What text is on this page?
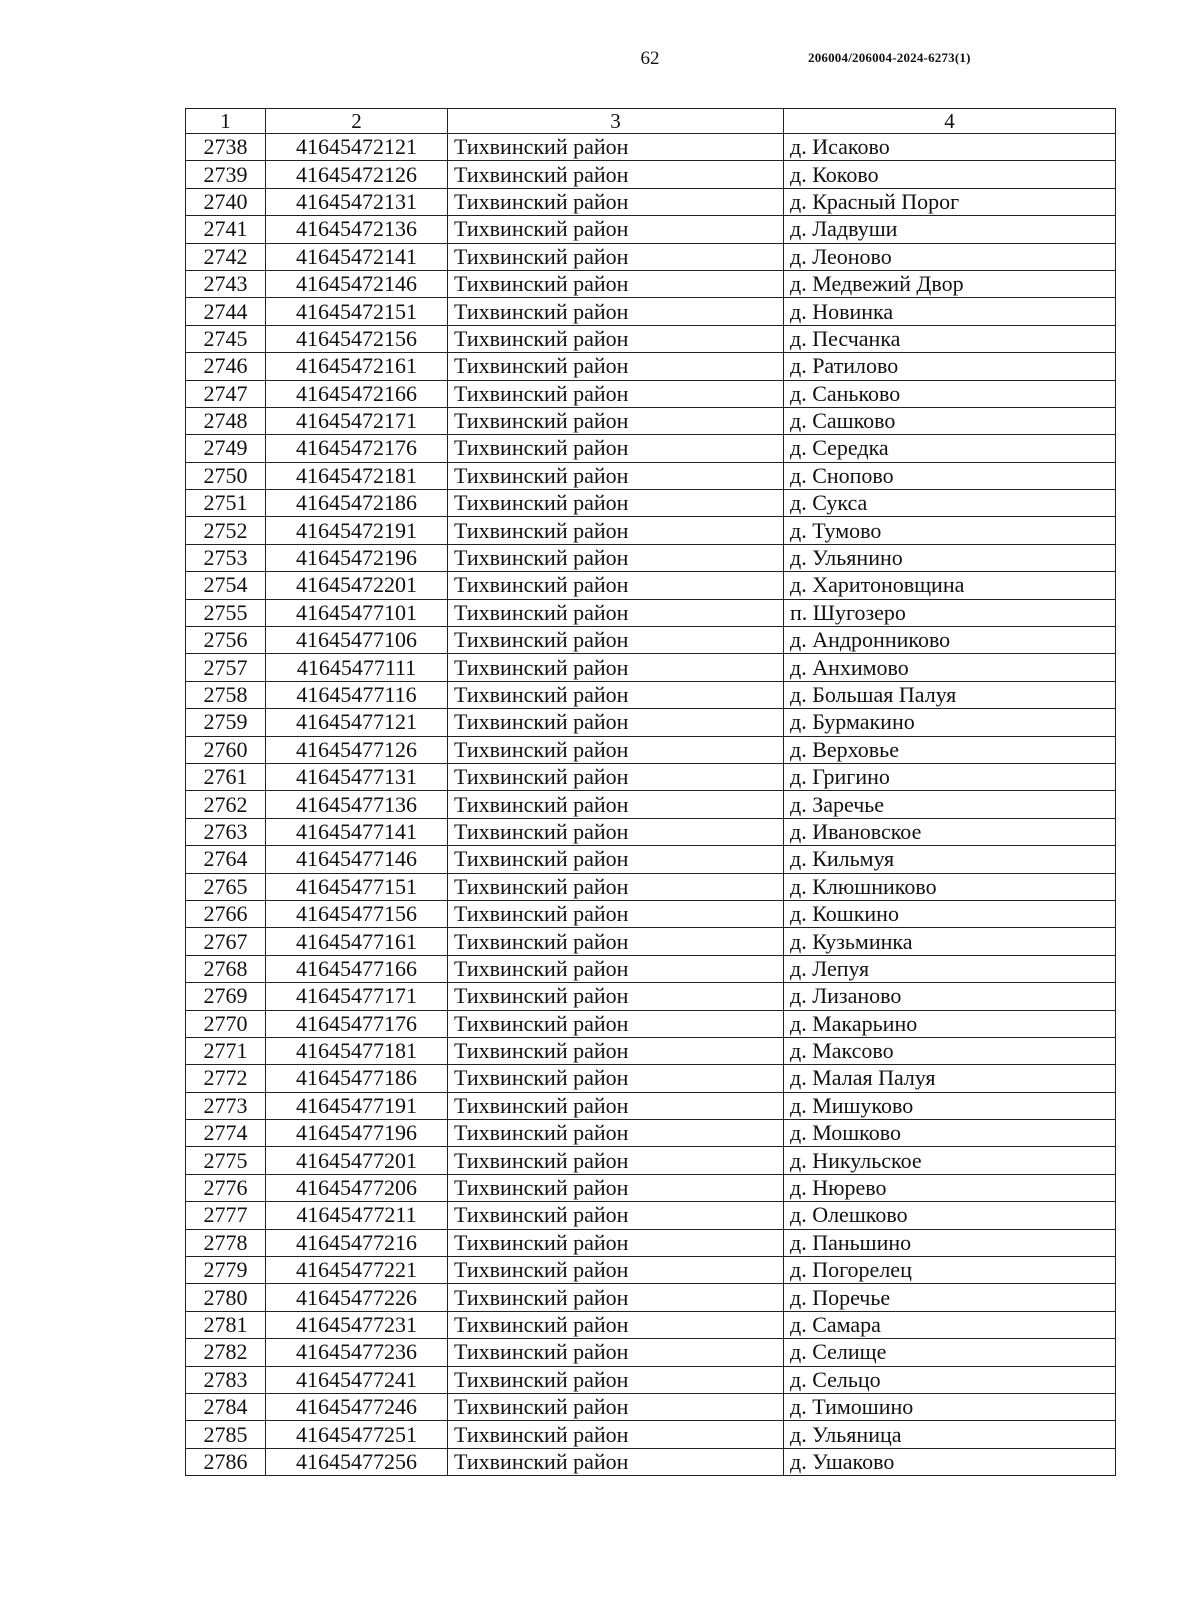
62	206004/206004-2024-6273(1)
1	2	3	4
2738	41645472121	Тихвинский район	д. Исаково
2739	41645472126	Тихвинский район	д. Коково
2740	41645472131	Тихвинский район	д. Красный Порог
2741	41645472136	Тихвинский район	д. Ладвуши
2742	41645472141	Тихвинский район	д. Леоново
2743	41645472146	Тихвинский район	д. Медвежий Двор
2744	41645472151	Тихвинский район	д. Новинка
2745	41645472156	Тихвинский район	д. Песчанка
2746	41645472161	Тихвинский район	д. Ратилово
2747	41645472166	Тихвинский район	д. Саньково
2748	41645472171	Тихвинский район	д. Сашково
2749	41645472176	Тихвинский район	д. Середка
2750	41645472181	Тихвинский район	д. Снопово
2751	41645472186	Тихвинский район	д. Сукса
2752	41645472191	Тихвинский район	д. Тумово
2753	41645472196	Тихвинский район	д. Ульянино
2754	41645472201	Тихвинский район	д. Харитоновщина
2755	41645477101	Тихвинский район	п. Шугозеро
2756	41645477106	Тихвинский район	д. Андронниково
2757	41645477111	Тихвинский район	д. Анхимово
2758	41645477116	Тихвинский район	д. Большая Палуя
2759	41645477121	Тихвинский район	д. Бурмакино
2760	41645477126	Тихвинский район	д. Верховье
2761	41645477131	Тихвинский район	д. Григино
2762	41645477136	Тихвинский район	д. Заречье
2763	41645477141	Тихвинский район	д. Ивановское
2764	41645477146	Тихвинский район	д. Кильмуя
2765	41645477151	Тихвинский район	д. Клюшниково
2766	41645477156	Тихвинский район	д. Кошкино
2767	41645477161	Тихвинский район	д. Кузьминка
2768	41645477166	Тихвинский район	д. Лепуя
2769	41645477171	Тихвинский район	д. Лизаново
2770	41645477176	Тихвинский район	д. Макарьино
2771	41645477181	Тихвинский район	д. Максово
2772	41645477186	Тихвинский район	д. Малая Палуя
2773	41645477191	Тихвинский район	д. Мишуково
2774	41645477196	Тихвинский район	д. Мошково
2775	41645477201	Тихвинский район	д. Никульское
2776	41645477206	Тихвинский район	д. Нюрево
2777	41645477211	Тихвинский район	д. Олешково
2778	41645477216	Тихвинский район	д. Паньшино
2779	41645477221	Тихвинский район	д. Погорелец
2780	41645477226	Тихвинский район	д. Поречье
2781	41645477231	Тихвинский район	д. Самара
2782	41645477236	Тихвинский район	д. Селище
2783	41645477241	Тихвинский район	д. Сельцо
2784	41645477246	Тихвинский район	д. Тимошино
2785	41645477251	Тихвинский район	д. Ульяница
2786	41645477256	Тихвинский район	д. Ушаково
